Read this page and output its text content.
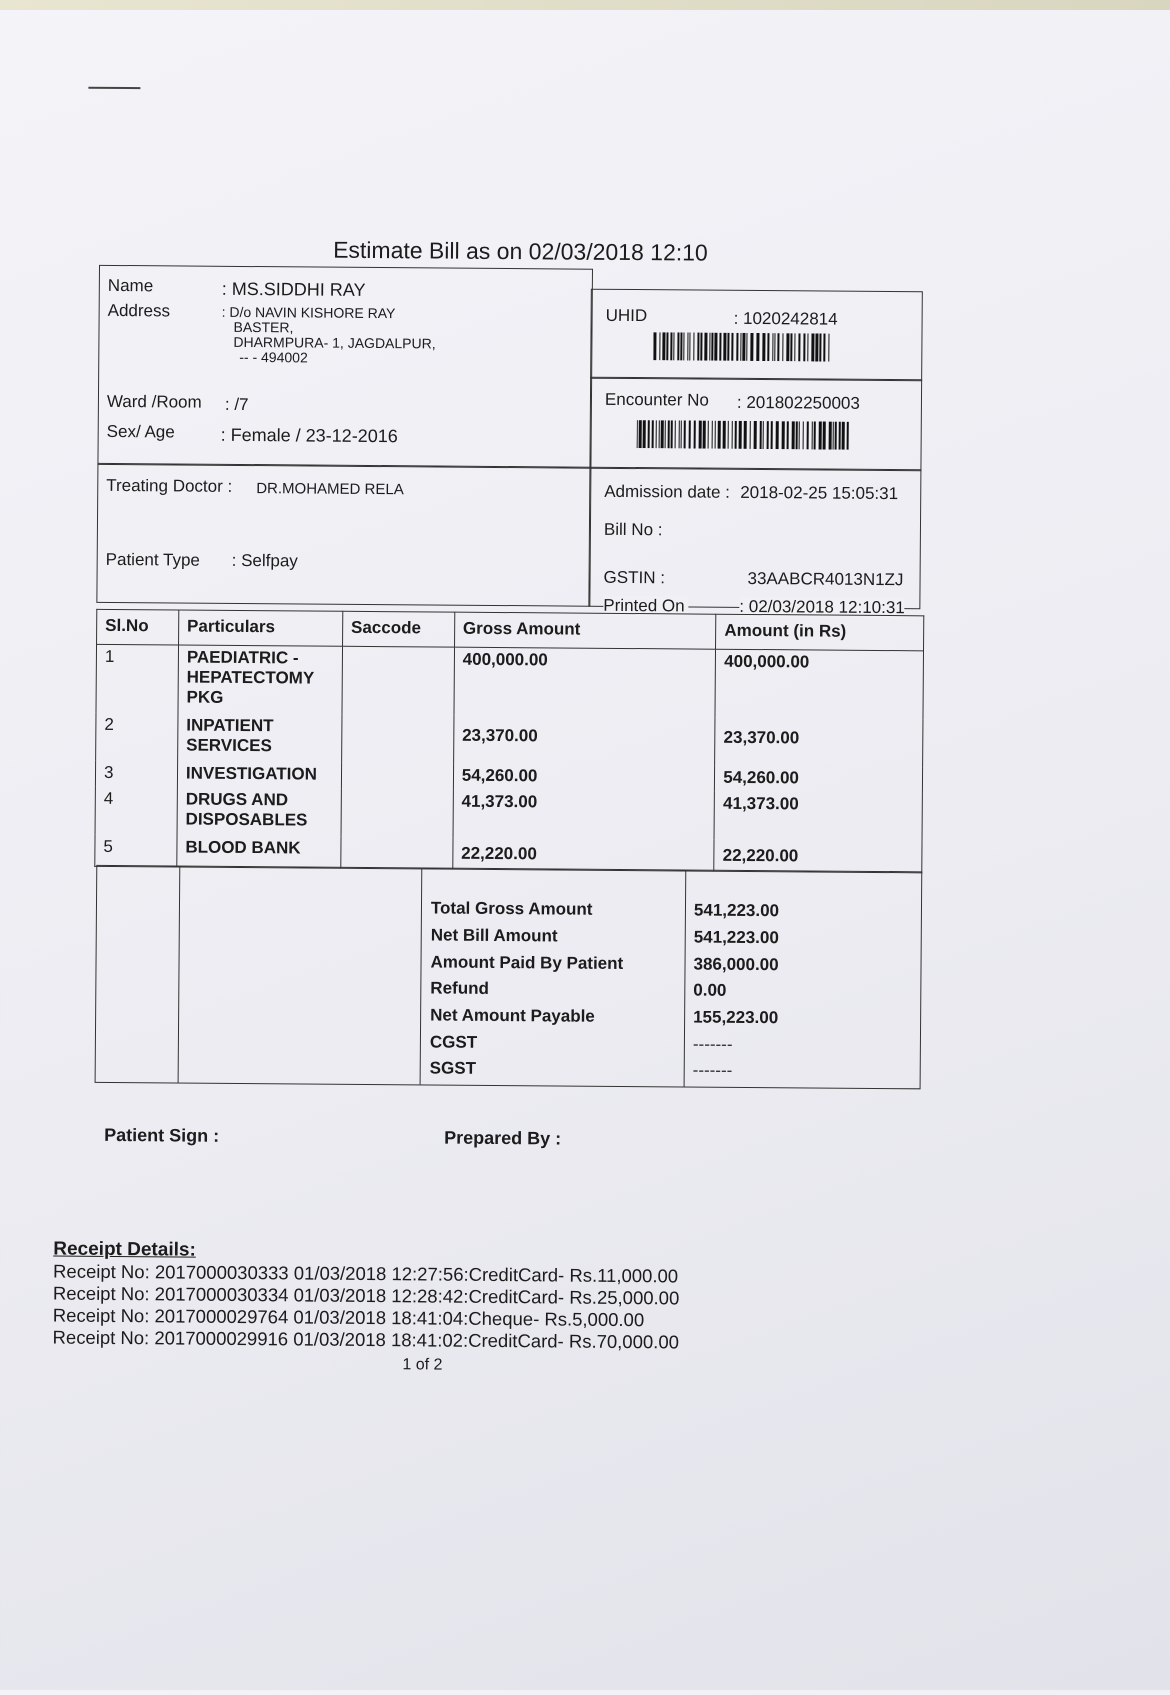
Estimate Bill as on 02/03/2018 12:10
Name	: MS.SIDDHI RAY
Address	: D/o NAVIN KISHORE RAY
BASTER,
DHARMPURA- 1, JAGDALPUR,
-- - 494002
Ward /Room : /7
Sex/ Age	: Female / 23-12-2016
Treating Doctor : DR.MOHAMED RELA
Patient Type : Selfpay
UHID	: 1020242814
Encounter No : 201802250003
Admission date : 2018-02-25 15:05:31
Bill No :
GSTIN :	33AABCR4013N1ZJ
Printed On	: 02/03/2018 12:10:31
Sl.No	Particulars	Saccode	Gross Amount	Amount (in Rs)
1	PAEDIATRIC - HEPATECTOMY PKG		400,000.00	400,000.00
2	INPATIENT SERVICES		23,370.00	23,370.00
3	INVESTIGATION		54,260.00	54,260.00
4	DRUGS AND DISPOSABLES		41,373.00	41,373.00
5	BLOOD BANK		22,220.00	22,220.00
Total Gross Amount	541,223.00
Net Bill Amount	541,223.00
Amount Paid By Patient	386,000.00
Refund	0.00
Net Amount Payable	155,223.00
CGST	-------
SGST	-------
Patient Sign :	Prepared By :
Receipt Details:
Receipt No: 2017000030333 01/03/2018 12:27:56:CreditCard- Rs.11,000.00
Receipt No: 2017000030334 01/03/2018 12:28:42:CreditCard- Rs.25,000.00
Receipt No: 2017000029764 01/03/2018 18:41:04:Cheque- Rs.5,000.00
Receipt No: 2017000029916 01/03/2018 18:41:02:CreditCard- Rs.70,000.00
1 of 2
